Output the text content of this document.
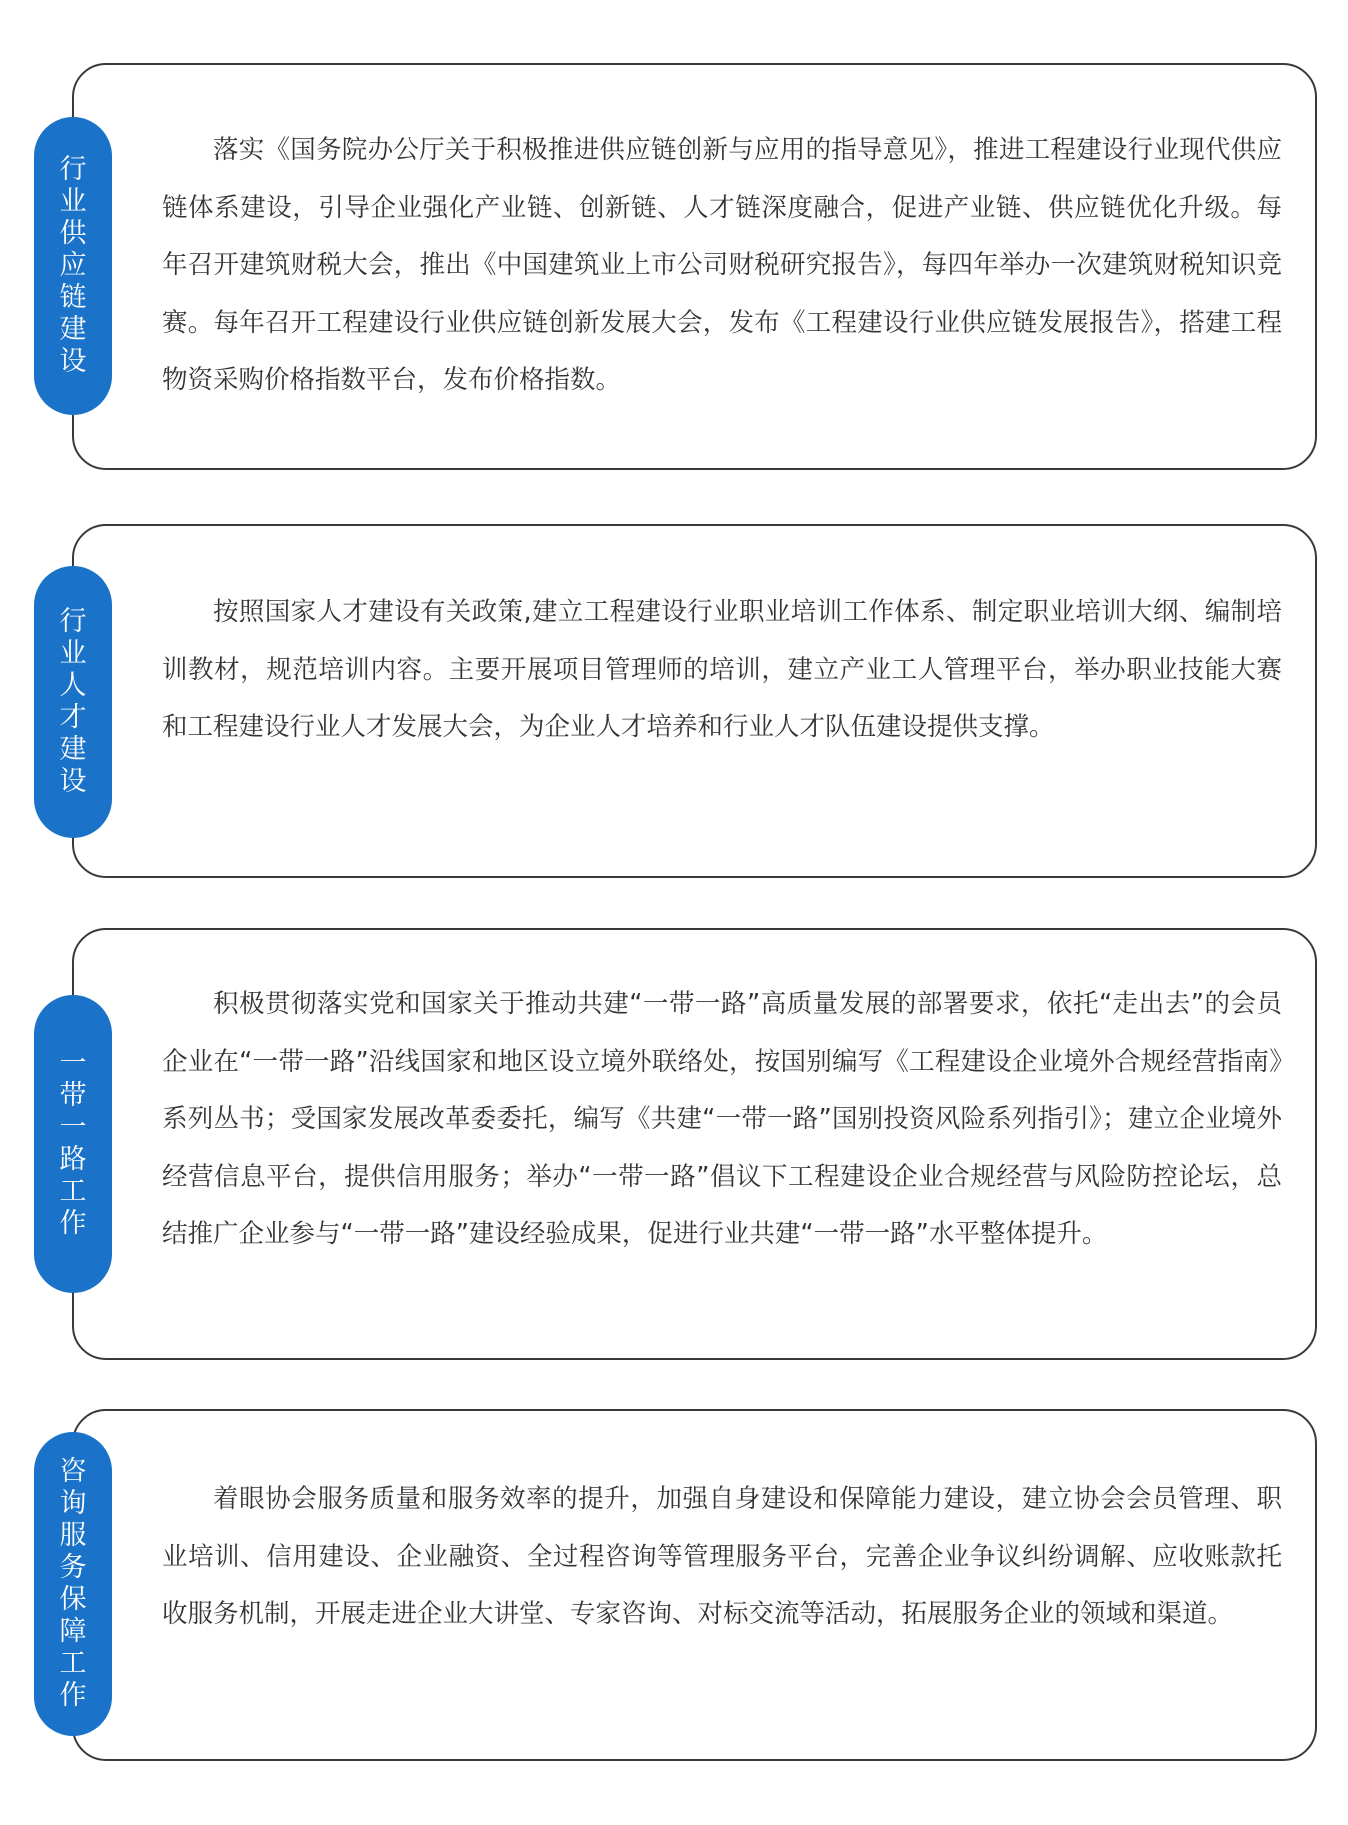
行业供应链建设

落实《国务院办公厅关于积极推进供应链创新与应用的指导意见》，推进工程建设行业现代供应链体系建设，引导企业强化产业链、创新链、人才链深度融合，促进产业链、供应链优化升级。每年召开建筑财税大会，推出《中国建筑业上市公司财税研究报告》，每四年举办一次建筑财税知识竞赛。每年召开工程建设行业供应链创新发展大会，发布《工程建设行业供应链发展报告》，搭建工程物资采购价格指数平台，发布价格指数。

行业人才建设

按照国家人才建设有关政策,建立工程建设行业职业培训工作体系、制定职业培训大纲、编制培训教材，规范培训内容。主要开展项目管理师的培训，建立产业工人管理平台，举办职业技能大赛和工程建设行业人才发展大会，为企业人才培养和行业人才队伍建设提供支撑。

一带一路工作

积极贯彻落实党和国家关于推动共建“一带一路”高质量发展的部署要求，依托“走出去”的会员企业在“一带一路”沿线国家和地区设立境外联络处，按国别编写《工程建设企业境外合规经营指南》系列丛书；受国家发展改革委委托，编写《共建“一带一路”国别投资风险系列指引》；建立企业境外经营信息平台，提供信用服务；举办“一带一路”倡议下工程建设企业合规经营与风险防控论坛，总结推广企业参与“一带一路”建设经验成果，促进行业共建“一带一路”水平整体提升。

咨询服务保障工作

着眼协会服务质量和服务效率的提升，加强自身建设和保障能力建设，建立协会会员管理、职业培训、信用建设、企业融资、全过程咨询等管理服务平台，完善企业争议纠纷调解、应收账款托收服务机制，开展走进企业大讲堂、专家咨询、对标交流等活动，拓展服务企业的领域和渠道。
